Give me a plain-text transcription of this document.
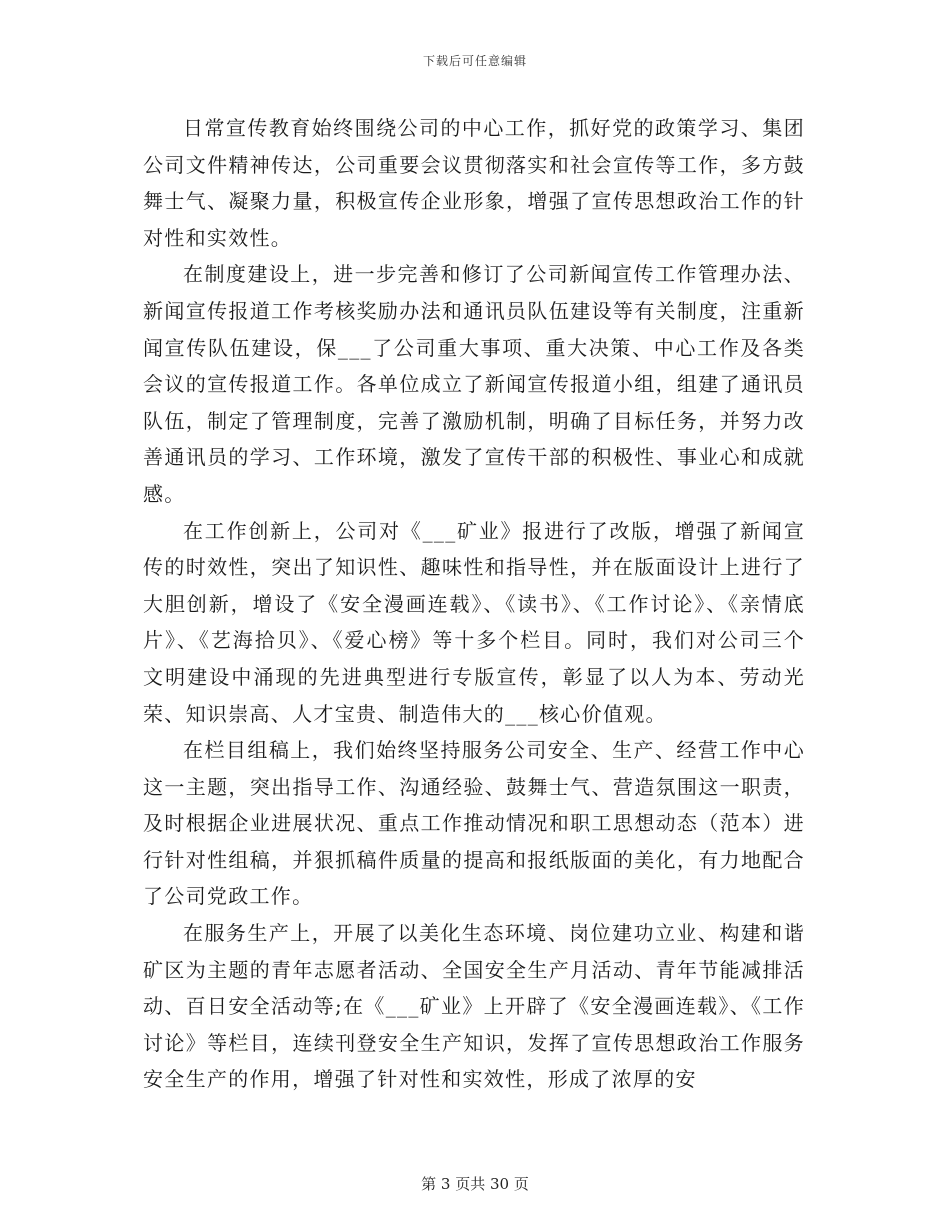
下载后可任意编辑

日常宣传教育始终围绕公司的中心工作，抓好党的政策学习、集团公司文件精神传达，公司重要会议贯彻落实和社会宣传等工作，多方鼓舞士气、凝聚力量，积极宣传企业形象，增强了宣传思想政治工作的针对性和实效性。

在制度建设上，进一步完善和修订了公司新闻宣传工作管理办法、新闻宣传报道工作考核奖励办法和通讯员队伍建设等有关制度，注重新闻宣传队伍建设，保___了公司重大事项、重大决策、中心工作及各类会议的宣传报道工作。各单位成立了新闻宣传报道小组，组建了通讯员队伍，制定了管理制度，完善了激励机制，明确了目标任务，并努力改善通讯员的学习、工作环境，激发了宣传干部的积极性、事业心和成就感。

在工作创新上，公司对《___矿业》报进行了改版，增强了新闻宣传的时效性，突出了知识性、趣味性和指导性，并在版面设计上进行了大胆创新，增设了《安全漫画连载》、《读书》、《工作讨论》、《亲情底片》、《艺海拾贝》、《爱心榜》等十多个栏目。同时，我们对公司三个文明建设中涌现的先进典型进行专版宣传，彰显了以人为本、劳动光荣、知识崇高、人才宝贵、制造伟大的___核心价值观。

在栏目组稿上，我们始终坚持服务公司安全、生产、经营工作中心这一主题，突出指导工作、沟通经验、鼓舞士气、营造氛围这一职责，及时根据企业进展状况、重点工作推动情况和职工思想动态（范本）进行针对性组稿，并狠抓稿件质量的提高和报纸版面的美化，有力地配合了公司党政工作。

在服务生产上，开展了以美化生态环境、岗位建功立业、构建和谐矿区为主题的青年志愿者活动、全国安全生产月活动、青年节能减排活动、百日安全活动等;在《___矿业》上开辟了《安全漫画连载》、《工作讨论》等栏目，连续刊登安全生产知识，发挥了宣传思想政治工作服务安全生产的作用，增强了针对性和实效性，形成了浓厚的安

第 3 页共 30 页
